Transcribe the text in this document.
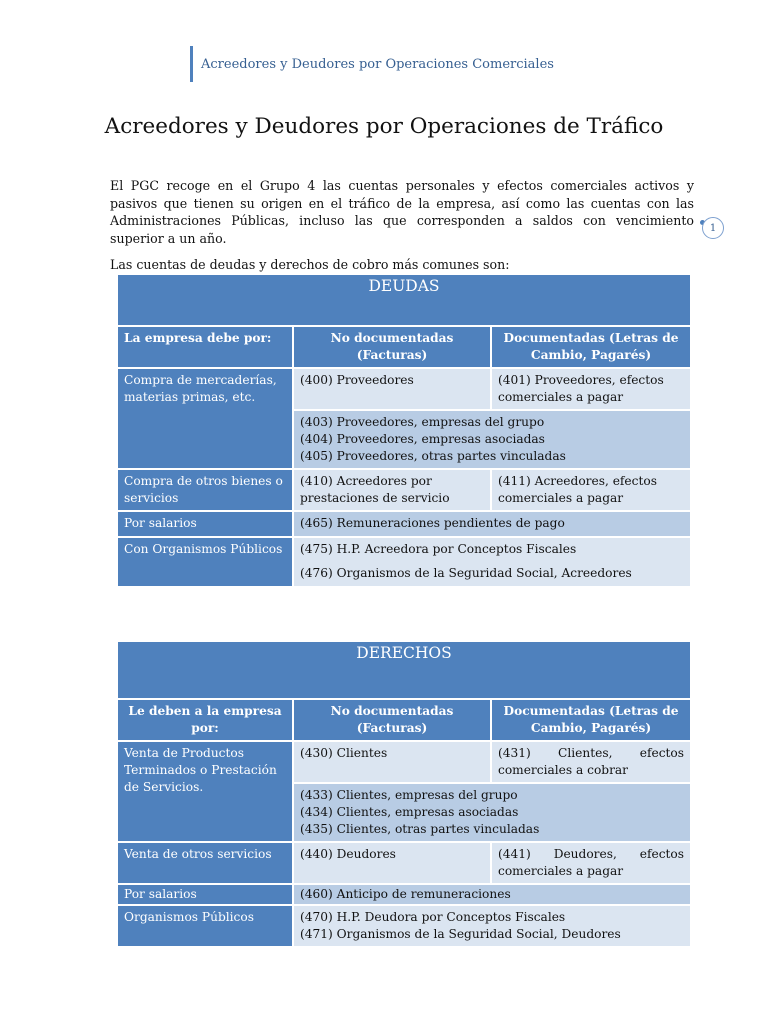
Acreedores y Deudores por Operaciones Comerciales
Acreedores y Deudores por Operaciones de Tráfico
El PGC recoge en el Grupo 4 las cuentas personales y efectos comerciales activos y pasivos que tienen su origen en el tráfico de la empresa, así como las cuentas con las Administraciones Públicas, incluso las que corresponden a saldos con vencimiento superior a un año.
1
Las cuentas de deudas y derechos de cobro más comunes son:
DEUDAS		
La empresa debe por:	No documentadas (Facturas)	Documentadas (Letras de Cambio, Pagarés)
Compra de mercaderías, materias primas, etc.	(400) Proveedores	(401) Proveedores, efectos comerciales a pagar

	(403) Proveedores, empresas del grupo
(404) Proveedores, empresas asociadas
(405) Proveedores, otras partes vinculadas	

Compra de otros bienes o servicios	(410) Acreedores por prestaciones de servicio	(411) Acreedores, efectos comerciales a pagar
Por salarios	(465) Remuneraciones pendientes de pago	
Con Organismos Públicos	(475) H.P. Acreedora por Conceptos Fiscales
(476) Organismos de la Seguridad Social, Acreedores	
DERECHOS		
Le deben a la empresa por:	No documentadas (Facturas)	Documentadas (Letras de Cambio, Pagarés)
Venta de Productos Terminados o Prestación de Servicios.	(430) Clientes	(431) Clientes, efectos comerciales a cobrar

	(433) Clientes, empresas del grupo
(434) Clientes, empresas asociadas
(435) Clientes, otras partes vinculadas	

Venta de otros servicios	(440) Deudores	(441) Deudores, efectos comerciales a pagar
Por salarios	(460) Anticipo de remuneraciones	
Organismos Públicos	(470) H.P. Deudora por Conceptos Fiscales
(471) Organismos de la Seguridad Social, Deudores	
